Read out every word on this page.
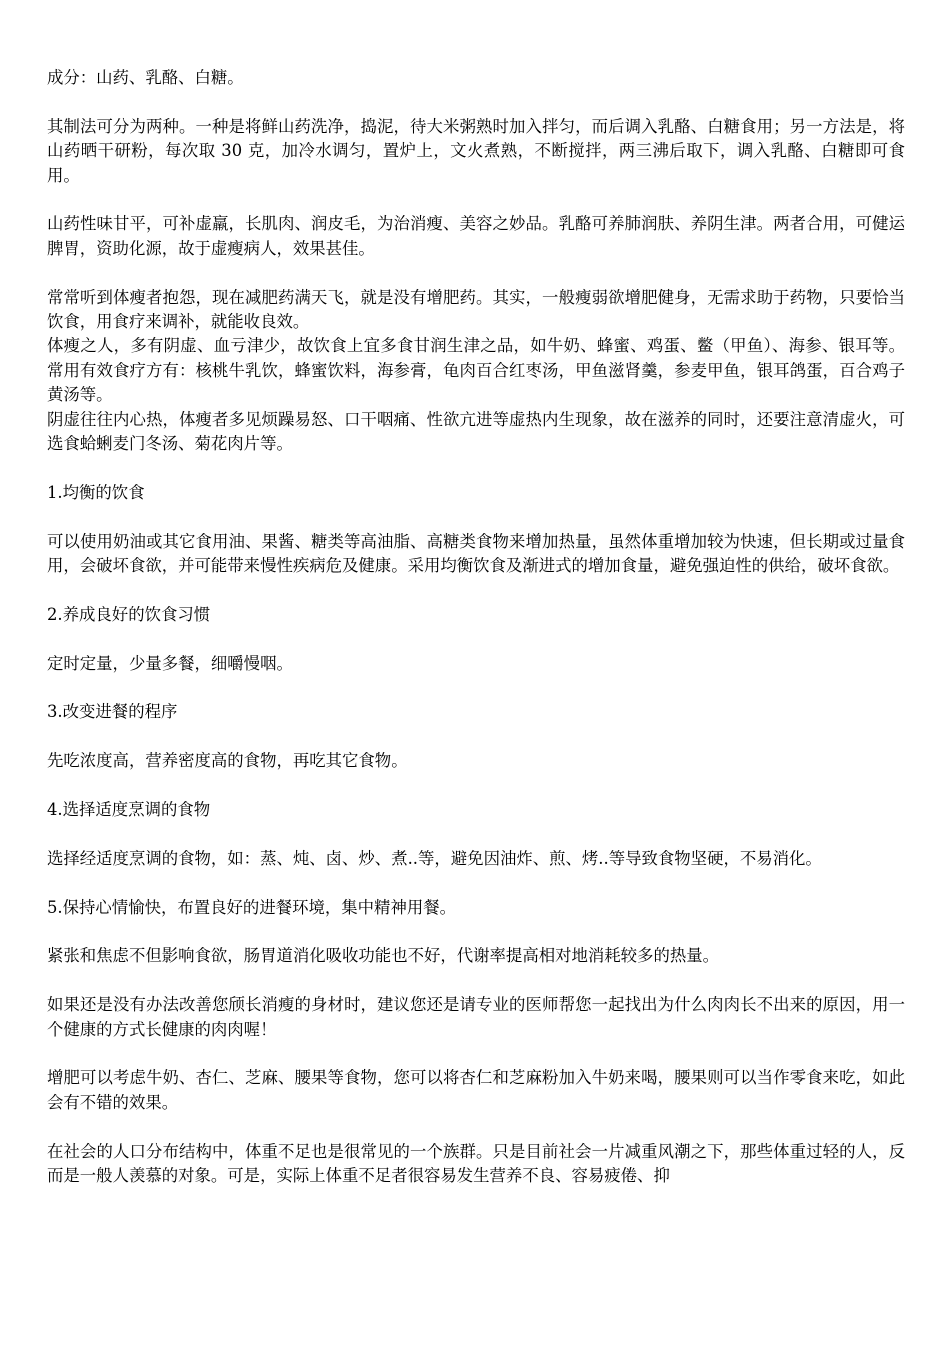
成分：山药、乳酪、白糖。

其制法可分为两种。一种是将鲜山药洗净，捣泥，待大米粥熟时加入拌匀，而后调入乳酪、白糖食用；另一方法是，将山药晒干研粉，每次取 30 克，加冷水调匀，置炉上，文火煮熟，不断搅拌，两三沸后取下，调入乳酪、白糖即可食用。

山药性味甘平，可补虚羸，长肌肉、润皮毛，为治消瘦、美容之妙品。乳酪可养肺润肤、养阴生津。两者合用，可健运脾胃，资助化源，故于虚瘦病人，效果甚佳。

常常听到体瘦者抱怨，现在减肥药满天飞，就是没有增肥药。其实，一般瘦弱欲增肥健身，无需求助于药物，只要恰当饮食，用食疗来调补，就能收良效。

体瘦之人，多有阴虚、血亏津少，故饮食上宜多食甘润生津之品，如牛奶、蜂蜜、鸡蛋、鳖（甲鱼）、海参、银耳等。常用有效食疗方有：核桃牛乳饮，蜂蜜饮料，海参膏，龟肉百合红枣汤，甲鱼滋肾羹，参麦甲鱼，银耳鸽蛋，百合鸡子黄汤等。

阴虚往往内心热，体瘦者多见烦躁易怒、口干咽痛、性欲亢进等虚热内生现象，故在滋养的同时，还要注意清虚火，可选食蛤蜊麦门冬汤、菊花肉片等。

1.均衡的饮食

可以使用奶油或其它食用油、果酱、糖类等高油脂、高糖类食物来增加热量，虽然体重增加较为快速，但长期或过量食用，会破坏食欲，并可能带来慢性疾病危及健康。采用均衡饮食及渐进式的增加食量，避免强迫性的供给，破坏食欲。

2.养成良好的饮食习惯

定时定量，少量多餐，细嚼慢咽。

3.改变进餐的程序

先吃浓度高，营养密度高的食物，再吃其它食物。

4.选择适度烹调的食物

选择经适度烹调的食物，如：蒸、炖、卤、炒、煮..等，避免因油炸、煎、烤..等导致食物坚硬，不易消化。

5.保持心情愉快，布置良好的进餐环境，集中精神用餐。

紧张和焦虑不但影响食欲，肠胃道消化吸收功能也不好，代谢率提高相对地消耗较多的热量。

如果还是没有办法改善您颀长消瘦的身材时，建议您还是请专业的医师帮您一起找出为什么肉肉长不出来的原因，用一个健康的方式长健康的肉肉喔！

增肥可以考虑牛奶、杏仁、芝麻、腰果等食物，您可以将杏仁和芝麻粉加入牛奶来喝，腰果则可以当作零食来吃，如此会有不错的效果。

在社会的人口分布结构中，体重不足也是很常见的一个族群。只是目前社会一片减重风潮之下，那些体重过轻的人，反而是一般人羡慕的对象。可是，实际上体重不足者很容易发生营养不良、容易疲倦、抑
